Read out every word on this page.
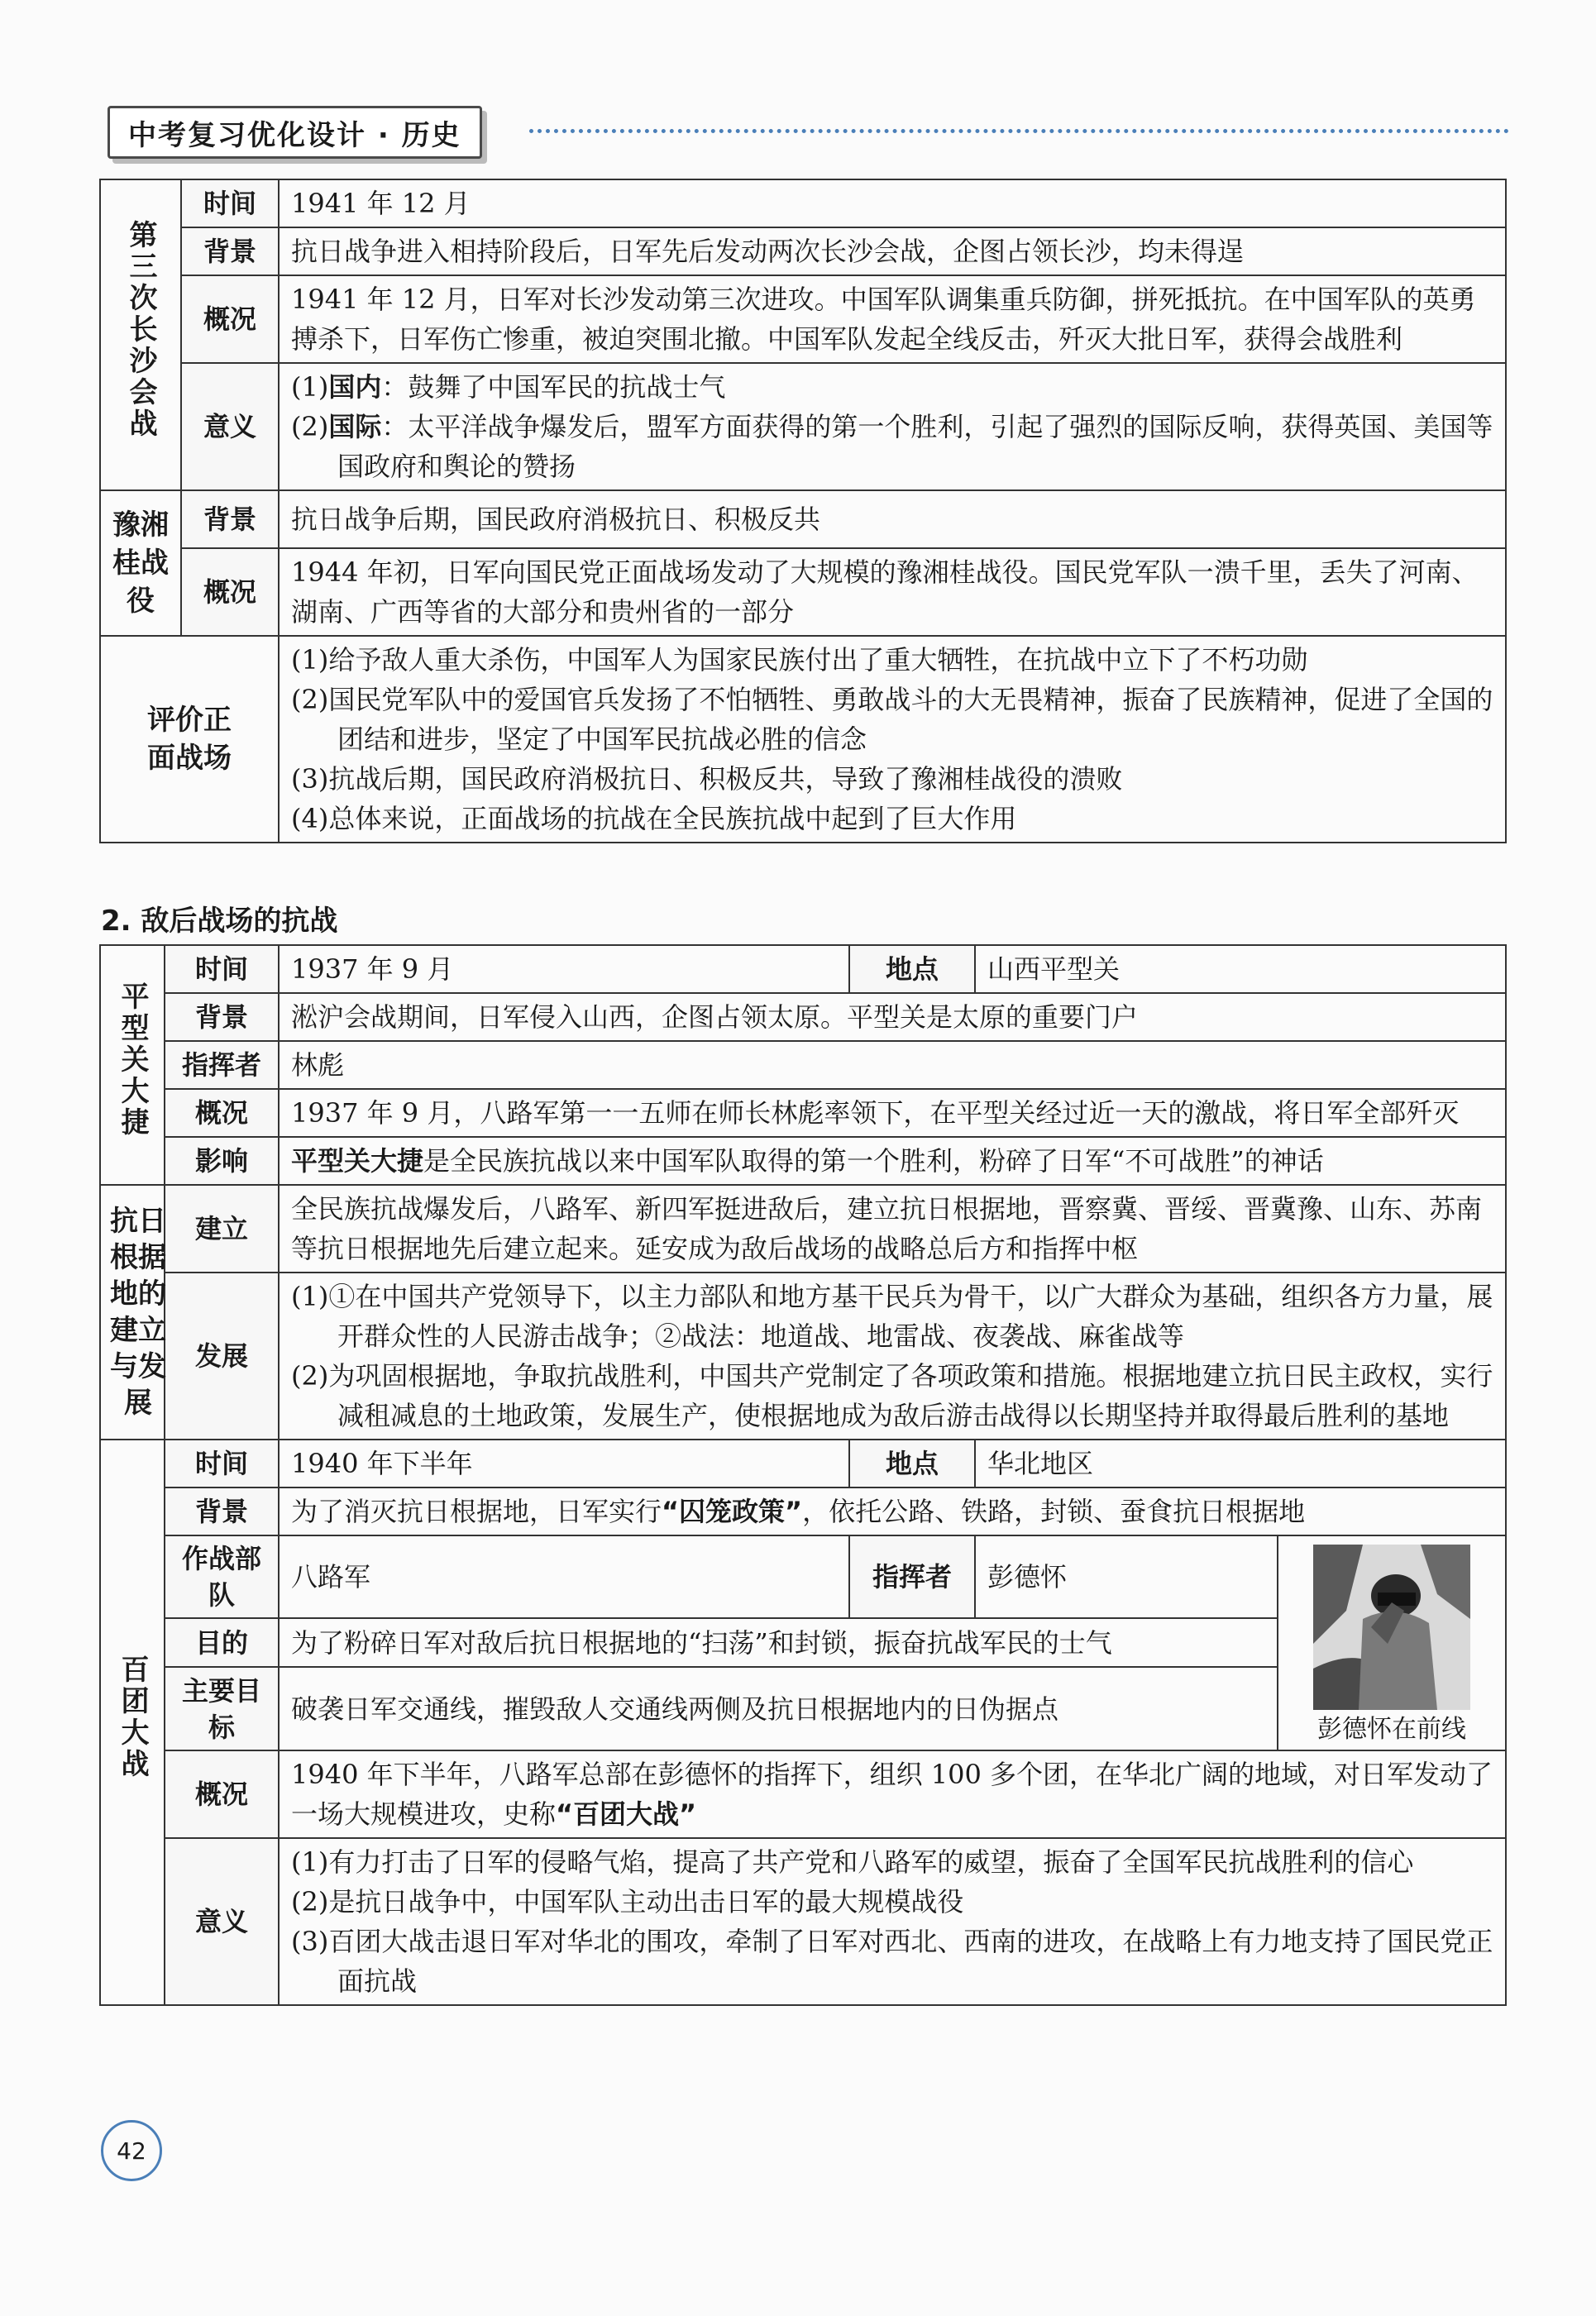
中考复习优化设计 · 历史
第三次长沙会战	时间	1941 年 12 月
	背景	抗日战争进入相持阶段后，日军先后发动两次长沙会战，企图占领长沙，均未得逞
	概况	1941 年 12 月，日军对长沙发动第三次进攻。中国军队调集重兵防御，拼死抵抗。在中国军队的英勇搏杀下，日军伤亡惨重，被迫突围北撤。中国军队发起全线反击，歼灭大批日军，获得会战胜利
	意义	(1)国内：鼓舞了中国军民的抗战士气

(2)国际：太平洋战争爆发后，盟军方面获得的第一个胜利，引起了强烈的国际反响，获得英国、美国等国政府和舆论的赞扬

豫湘桂战役	背景	抗日战争后期，国民政府消极抗日、积极反共
	概况	1944 年初，日军向国民党正面战场发动了大规模的豫湘桂战役。国民党军队一溃千里，丢失了河南、湖南、广西等省的大部分和贵州省的一部分

评价正面战场		(1)给予敌人重大杀伤，中国军人为国家民族付出了重大牺牲，在抗战中立下了不朽功勋

(2)国民党军队中的爱国官兵发扬了不怕牺牲、勇敢战斗的大无畏精神，振奋了民族精神，促进了全国的团结和进步，坚定了中国军民抗战必胜的信念

(3)抗战后期，国民政府消极抗日、积极反共，导致了豫湘桂战役的溃败

(4)总体来说，正面战场的抗战在全民族抗战中起到了巨大作用

2. 敌后战场的抗战
平型关大捷	时间	1937 年 9 月	地点	山西平型关	
	背景	淞沪会战期间，日军侵入山西，企图占领太原。平型关是太原的重要门户			
	指挥者	林彪			
	概况	1937 年 9 月，八路军第一一五师在师长林彪率领下，在平型关经过近一天的激战，将日军全部歼灭			
	影响	平型关大捷是全民族抗战以来中国军队取得的第一个胜利，粉碎了日军“不可战胜”的神话			

抗日根据地的建立与发展	建立	全民族抗战爆发后，八路军、新四军挺进敌后，建立抗日根据地，晋察冀、晋绥、晋冀豫、山东、苏南等抗日根据地先后建立起来。延安成为敌后战场的战略总后方和指挥中枢			
	发展	(1)①在中国共产党领导下，以主力部队和地方基干民兵为骨干，以广大群众为基础，组织各方力量，展开群众性的人民游击战争；②战法：地道战、地雷战、夜袭战、麻雀战等

(2)为巩固根据地，争取抗战胜利，中国共产党制定了各项政策和措施。根据地建立抗日民主政权，实行减租减息的土地政策，发展生产，使根据地成为敌后游击战得以长期坚持并取得最后胜利的基地			

百团大战	时间	1940 年下半年	地点	华北地区	
	背景	为了消灭抗日根据地，日军实行“囚笼政策”，依托公路、铁路，封锁、蚕食抗日根据地			
	作战部队	八路军	指挥者	彭德怀	彭德怀在前线

	目的	为了粉碎日军对敌后抗日根据地的“扫荡”和封锁，振奋抗战军民的士气			
	主要目标	破袭日军交通线，摧毁敌人交通线两侧及抗日根据地内的日伪据点			
	概况	1940 年下半年，八路军总部在彭德怀的指挥下，组织 100 多个团，在华北广阔的地域，对日军发动了一场大规模进攻，史称“百团大战”			
	意义	(1)有力打击了日军的侵略气焰，提高了共产党和八路军的威望，振奋了全国军民抗战胜利的信心

(2)是抗日战争中，中国军队主动出击日军的最大规模战役

(3)百团大战击退日军对华北的围攻，牵制了日军对西北、西南的进攻，在战略上有力地支持了国民党正面抗战			

42
